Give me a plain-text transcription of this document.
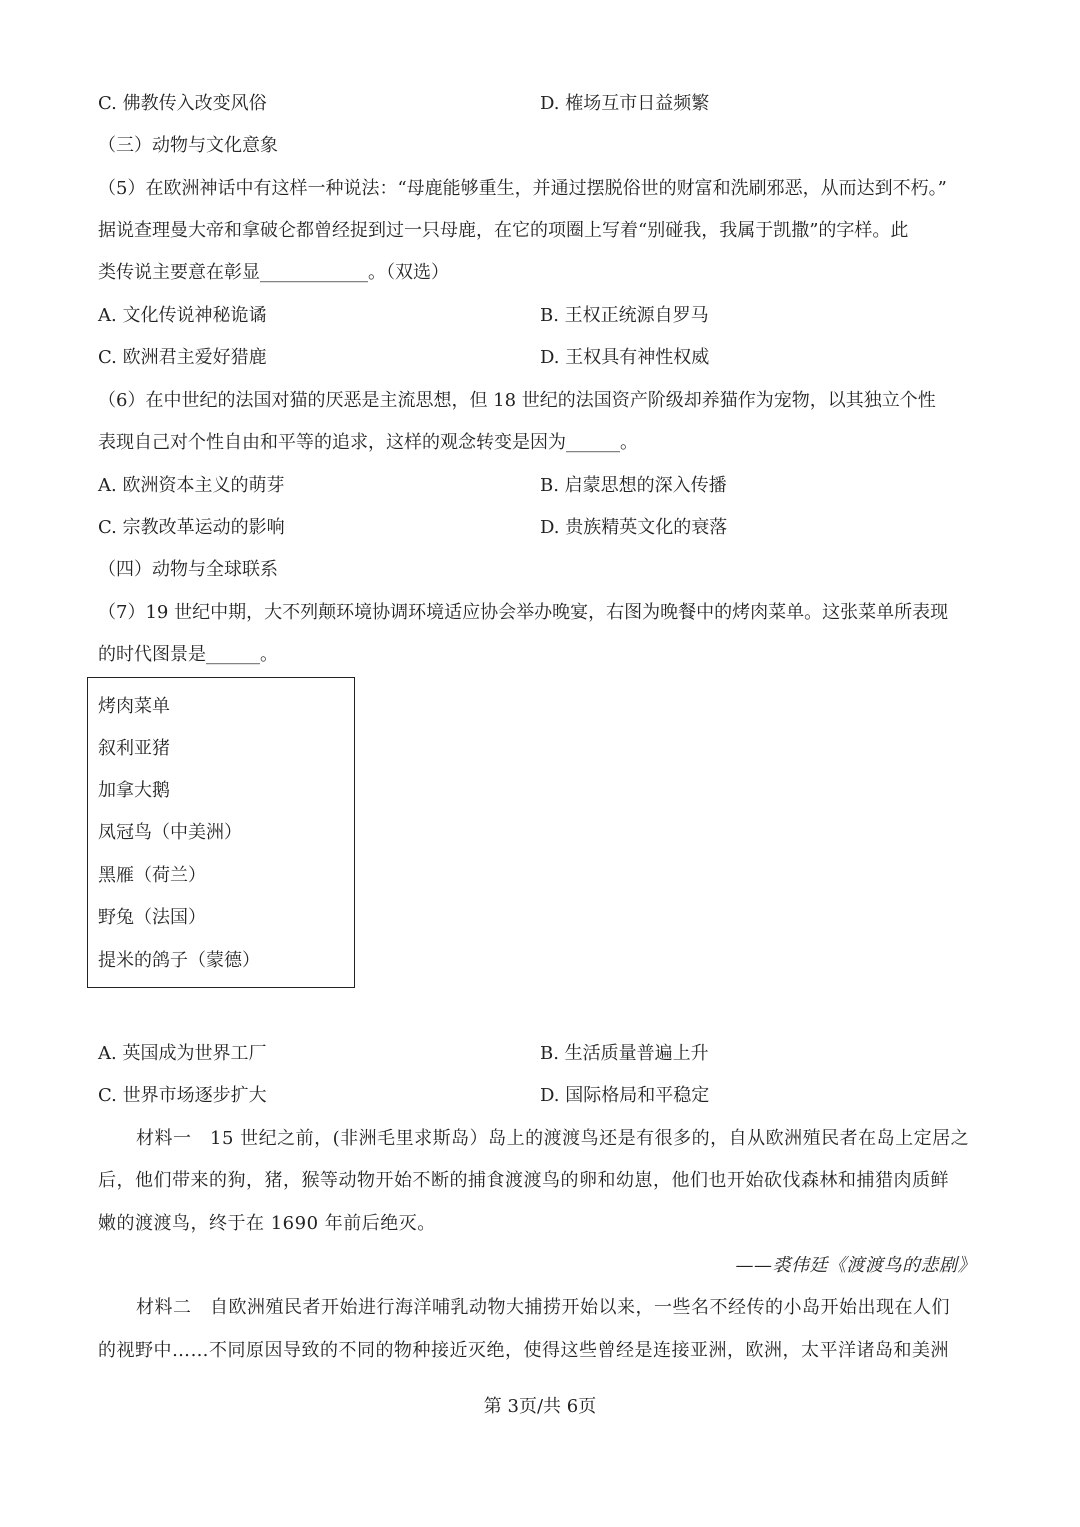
C. 佛教传入改变风俗	D. 榷场互市日益频繁
（三）动物与文化意象
（5）在欧洲神话中有这样一种说法：“母鹿能够重生，并通过摆脱俗世的财富和洗刷邪恶，从而达到不朽。”
据说查理曼大帝和拿破仑都曾经捉到过一只母鹿，在它的项圈上写着“别碰我，我属于凯撒”的字样。此
类传说主要意在彰显____________。（双选）
A. 文化传说神秘诡谲	B. 王权正统源自罗马
C. 欧洲君主爱好猎鹿	D. 王权具有神性权威
（6）在中世纪的法国对猫的厌恶是主流思想，但 18 世纪的法国资产阶级却养猫作为宠物，以其独立个性
表现自己对个性自由和平等的追求，这样的观念转变是因为______。
A. 欧洲资本主义的萌芽	B. 启蒙思想的深入传播
C. 宗教改革运动的影响	D. 贵族精英文化的衰落
（四）动物与全球联系
（7）19 世纪中期，大不列颠环境协调环境适应协会举办晚宴，右图为晚餐中的烤肉菜单。这张菜单所表现
的时代图景是______。
烤肉菜单
叙利亚猪
加拿大鹅
凤冠鸟（中美洲）
黑雁（荷兰）
野兔（法国）
提米的鸽子（蒙德）
A. 英国成为世界工厂	B. 生活质量普遍上升
C. 世界市场逐步扩大	D. 国际格局和平稳定
材料一　15 世纪之前，(非洲毛里求斯岛）岛上的渡渡鸟还是有很多的，自从欧洲殖民者在岛上定居之
后，他们带来的狗，猪，猴等动物开始不断的捕食渡渡鸟的卵和幼崽，他们也开始砍伐森林和捕猎肉质鲜
嫩的渡渡鸟，终于在 1690 年前后绝灭。
——裘伟廷《渡渡鸟的悲剧》
材料二　自欧洲殖民者开始进行海洋哺乳动物大捕捞开始以来，一些名不经传的小岛开始出现在人们
的视野中……不同原因导致的不同的物种接近灭绝，使得这些曾经是连接亚洲，欧洲，太平洋诸岛和美洲
第 3页/共 6页
